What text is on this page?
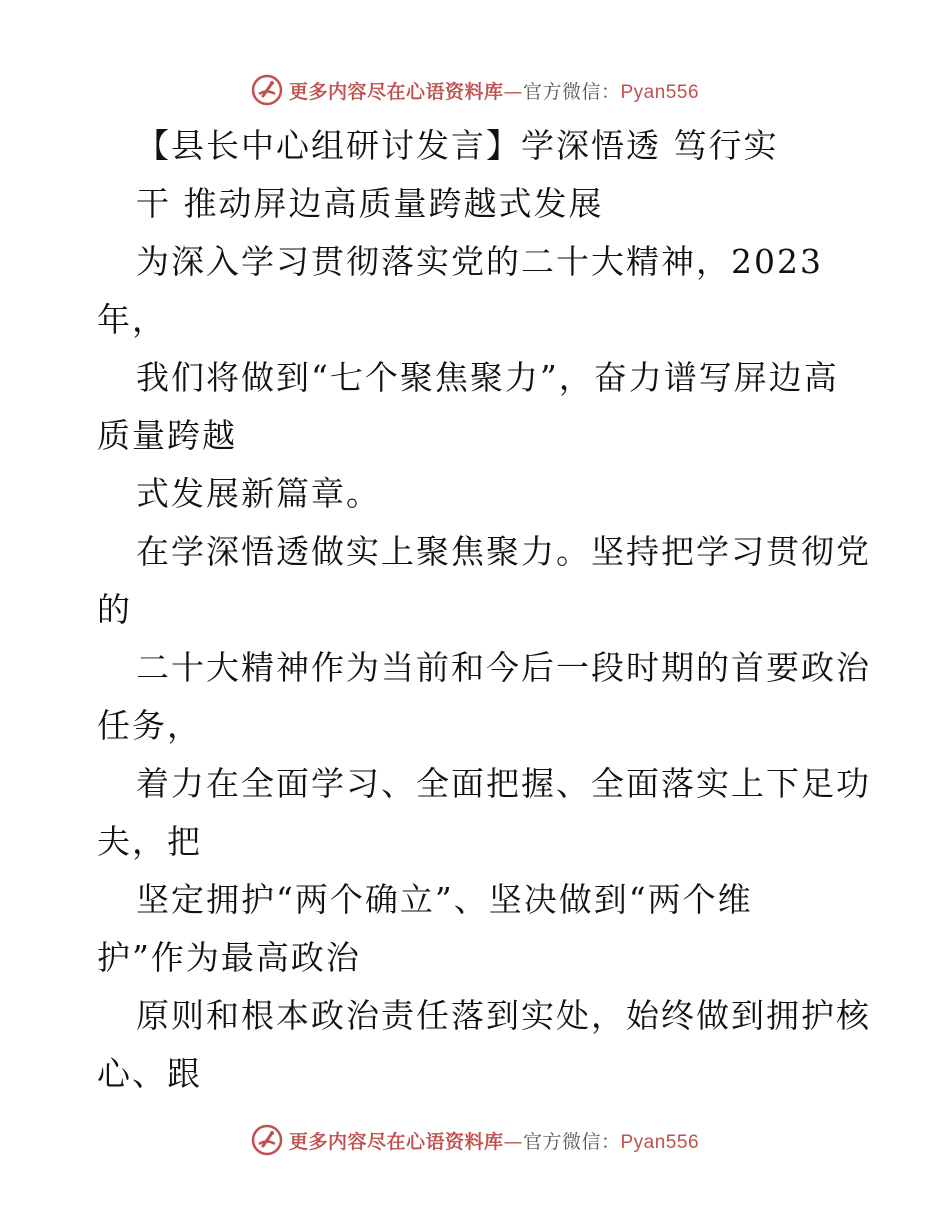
更多内容尽在心语资料库—官方微信：Pyan556
【县长中心组研讨发言】学深悟透 笃行实
干 推动屏边高质量跨越式发展
为深入学习贯彻落实党的二十大精神，2023
年，
我们将做到“七个聚焦聚力”，奋力谱写屏边高
质量跨越
式发展新篇章。
在学深悟透做实上聚焦聚力。坚持把学习贯彻党
的
二十大精神作为当前和今后一段时期的首要政治
任务，
着力在全面学习、全面把握、全面落实上下足功
夫，把
坚定拥护“两个确立”、坚决做到“两个维
护”作为最高政治
原则和根本政治责任落到实处，始终做到拥护核
心、跟
更多内容尽在心语资料库—官方微信：Pyan556
